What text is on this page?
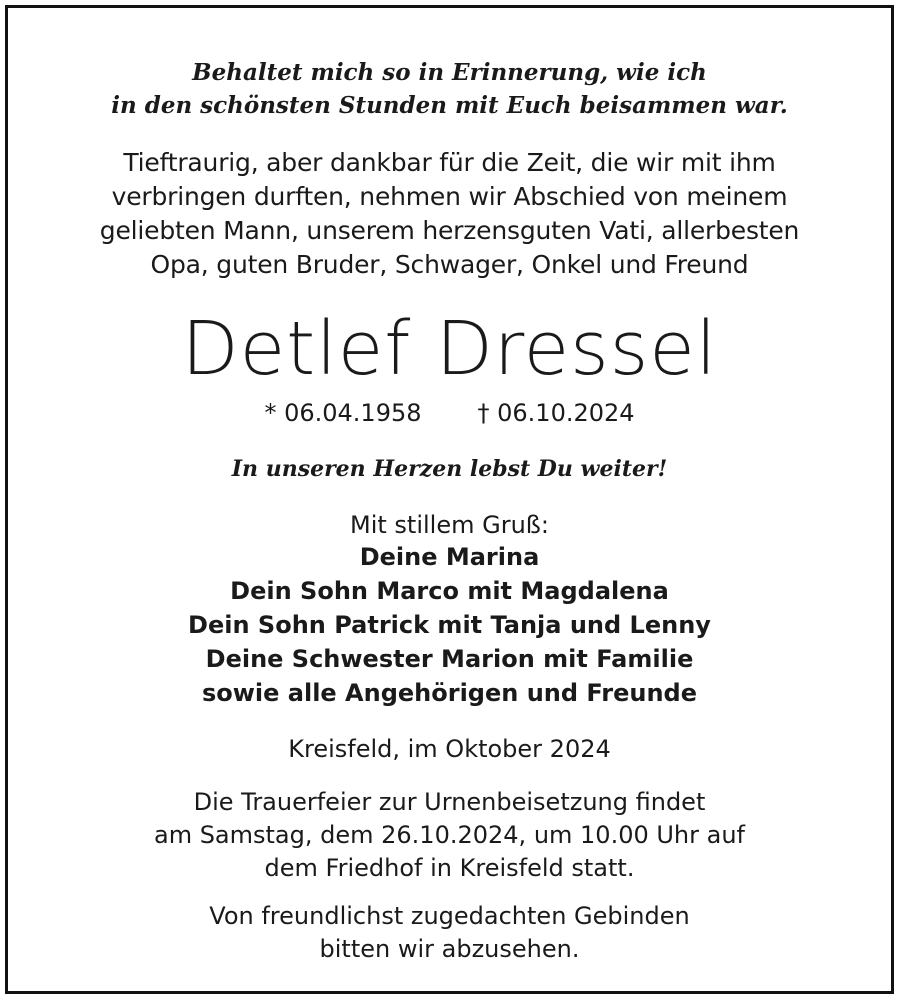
Behaltet mich so in Erinnerung, wie ich
in den schönsten Stunden mit Euch beisammen war.
Tieftraurig, aber dankbar für die Zeit, die wir mit ihm
verbringen durften, nehmen wir Abschied von meinem
geliebten Mann, unserem herzensguten Vati, allerbesten
Opa, guten Bruder, Schwager, Onkel und Freund
Detlef Dressel
* 06.04.1958 † 06.10.2024
In unseren Herzen lebst Du weiter!
Mit stillem Gruß:
Deine Marina
Dein Sohn Marco mit Magdalena
Dein Sohn Patrick mit Tanja und Lenny
Deine Schwester Marion mit Familie
sowie alle Angehörigen und Freunde
Kreisfeld, im Oktober 2024
Die Trauerfeier zur Urnenbeisetzung findet
am Samstag, dem 26.10.2024, um 10.00 Uhr auf
dem Friedhof in Kreisfeld statt.
Von freundlichst zugedachten Gebinden
bitten wir abzusehen.
